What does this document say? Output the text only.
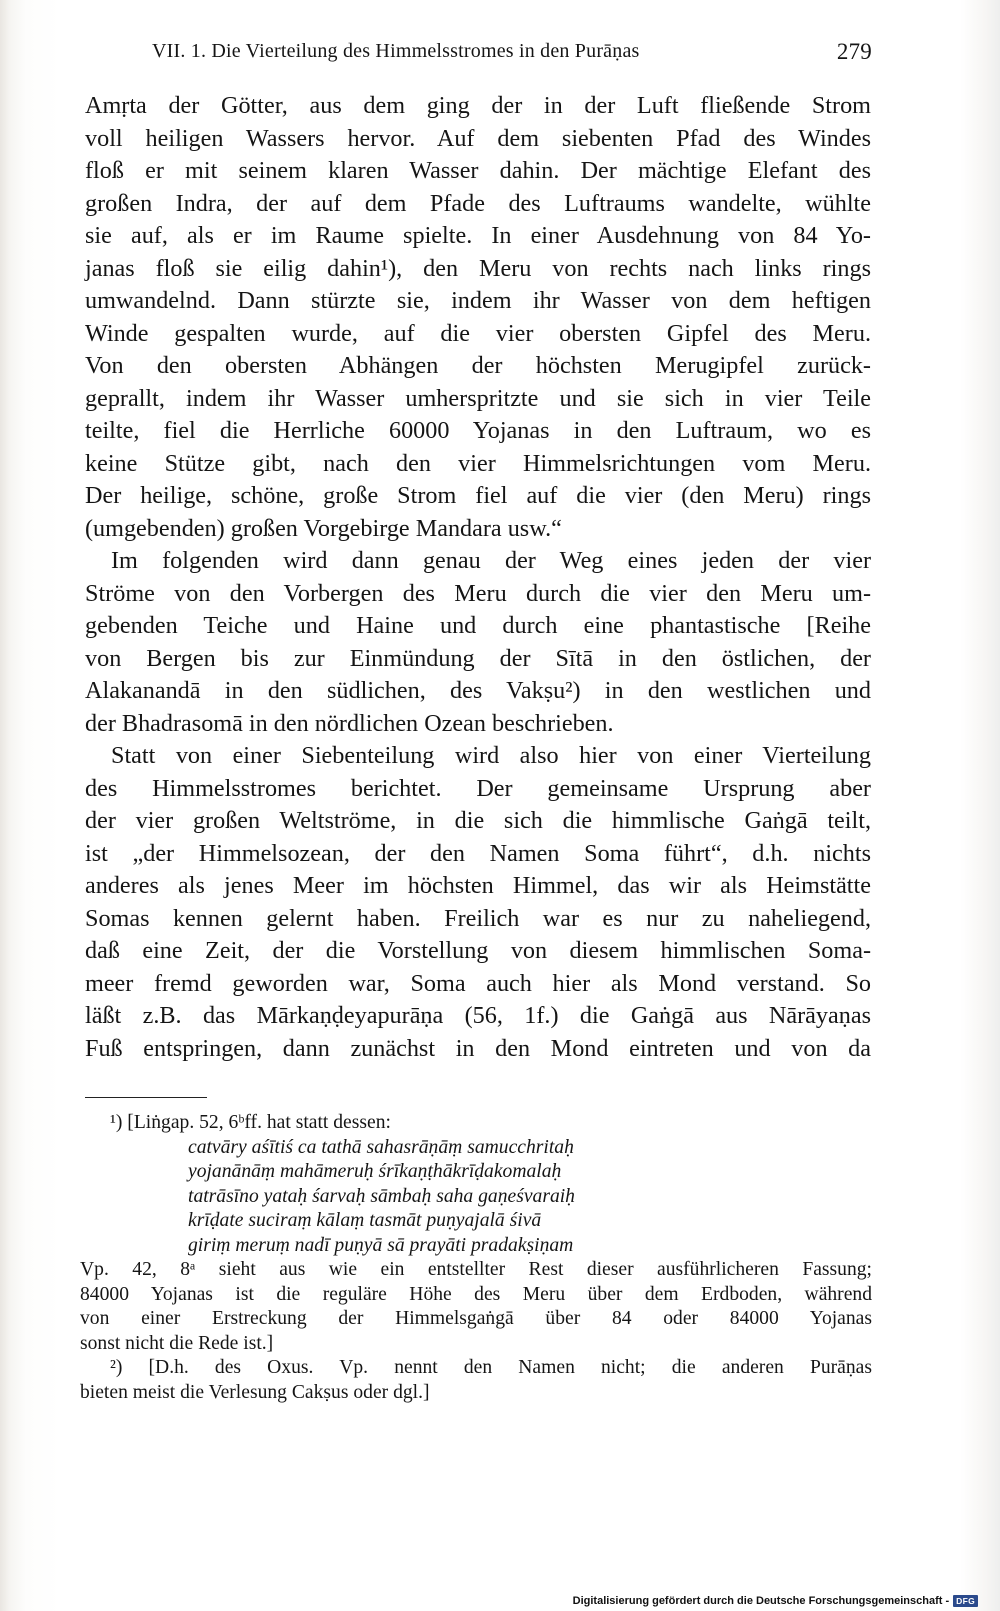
VII. 1. Die Vierteilung des Himmelsstromes in den Purāṇas	279
Amṛta der Götter, aus dem ging der in der Luft fließende Strom
voll heiligen Wassers hervor. Auf dem siebenten Pfad des Windes
floß er mit seinem klaren Wasser dahin. Der mächtige Elefant des
großen Indra, der auf dem Pfade des Luftraums wandelte, wühlte
sie auf, als er im Raume spielte. In einer Ausdehnung von 84 Yo-
janas floß sie eilig dahin¹), den Meru von rechts nach links rings
umwandelnd. Dann stürzte sie, indem ihr Wasser von dem heftigen
Winde gespalten wurde, auf die vier obersten Gipfel des Meru.
Von den obersten Abhängen der höchsten Merugipfel zurück-
geprallt, indem ihr Wasser umherspritzte und sie sich in vier Teile
teilte, fiel die Herrliche 60000 Yojanas in den Luftraum, wo es
keine Stütze gibt, nach den vier Himmelsrichtungen vom Meru.
Der heilige, schöne, große Strom fiel auf die vier (den Meru) rings
(umgebenden) großen Vorgebirge Mandara usw.“
Im folgenden wird dann genau der Weg eines jeden der vier
Ströme von den Vorbergen des Meru durch die vier den Meru um-
gebenden Teiche und Haine und durch eine phantastische [Reihe
von Bergen bis zur Einmündung der Sītā in den östlichen, der
Alakanandā in den südlichen, des Vakṣu²) in den westlichen und
der Bhadrasomā in den nördlichen Ozean beschrieben.
Statt von einer Siebenteilung wird also hier von einer Vierteilung
des Himmelsstromes berichtet. Der gemeinsame Ursprung aber
der vier großen Weltströme, in die sich die himmlische Gaṅgā teilt,
ist „der Himmelsozean, der den Namen Soma führt“, d.h. nichts
anderes als jenes Meer im höchsten Himmel, das wir als Heimstätte
Somas kennen gelernt haben. Freilich war es nur zu naheliegend,
daß eine Zeit, der die Vorstellung von diesem himmlischen Soma-
meer fremd geworden war, Soma auch hier als Mond verstand. So
läßt z.B. das Mārkaṇḍeyapurāṇa (56, 1f.) die Gaṅgā aus Nārāyaṇas
Fuß entspringen, dann zunächst in den Mond eintreten und von da
¹) [Liṅgap. 52, 6ᵇff. hat statt dessen:
catvāry aśītiś ca tathā sahasrāṇāṃ samucchritaḥ
yojanānāṃ mahāmeruḥ śrīkaṇṭhākrīḍakomalaḥ
tatrāsīno yataḥ śarvaḥ sāmbaḥ saha gaṇeśvaraiḥ
krīḍate suciraṃ kālaṃ tasmāt puṇyajalā śivā
giriṃ meruṃ nadī puṇyā sā prayāti pradakṣiṇam
Vp. 42, 8ᵃ sieht aus wie ein entstellter Rest dieser ausführlicheren Fassung;
84000 Yojanas ist die reguläre Höhe des Meru über dem Erdboden, während
von einer Erstreckung der Himmelsgaṅgā über 84 oder 84000 Yojanas
sonst nicht die Rede ist.]
²) [D.h. des Oxus. Vp. nennt den Namen nicht; die anderen Purāṇas
bieten meist die Verlesung Cakṣus oder dgl.]
Digitalisierung gefördert durch die Deutsche Forschungsgemeinschaft - DFG
